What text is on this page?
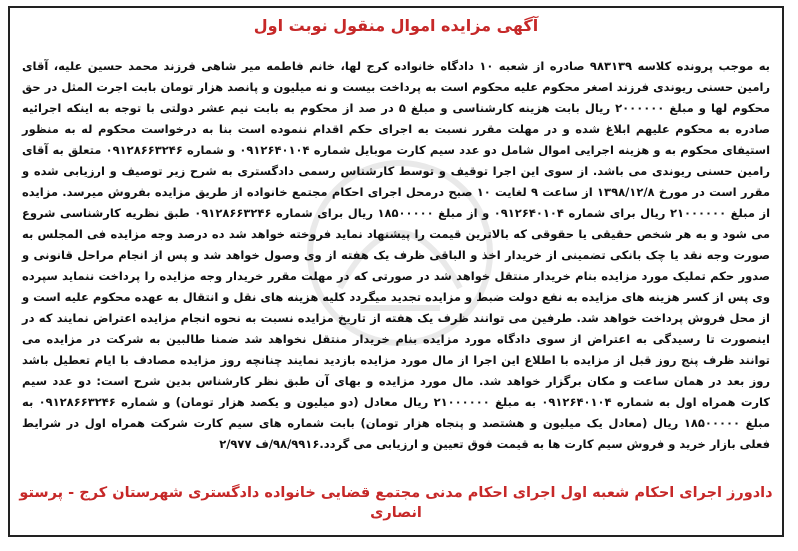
آگهی مزایده اموال منقول نوبت اول
به موجب پرونده کلاسه ۹۸۳۱۳۹ صادره از شعبه ۱۰ دادگاه خانواده کرج لها، خانم فاطمه میر شاهی فرزند محمد حسین علیه، آقای رامین حسنی ریوندی فرزند اصغر محکوم علیه محکوم است به پرداخت بیست و نه میلیون و پانصد هزار تومان بابت اجرت المثل در حق محکوم لها و مبلغ ۲۰۰۰۰۰۰ ریال بابت هزینه کارشناسی و مبلغ ۵ در صد از محکوم به بابت نیم عشر دولتی با توجه به اینکه اجرائیه صادره به محکوم علیهم ابلاغ شده و در مهلت مقرر نسبت به اجرای حکم اقدام ننموده است بنا به درخواست محکوم له به منظور استیفای محکوم به و هزینه اجرایی اموال شامل دو عدد سیم کارت موبایل شماره ۰۹۱۲۶۴۰۱۰۴ و شماره ۰۹۱۲۸۶۶۳۲۴۶ متعلق به آقای رامین حسنی ریوندی می باشد. از سوی این اجرا توقیف و توسط کارشناس رسمی دادگستری به شرح زیر توصیف و ارزیابی شده و مقرر است در مورخ ۱۳۹۸/۱۲/۸ از ساعت ۹ لغایت ۱۰ صبح درمحل اجرای احکام مجتمع خانواده از طریق مزایده بفروش میرسد. مزایده از مبلغ ۲۱۰۰۰۰۰۰ ریال برای شماره ۰۹۱۲۶۴۰۱۰۴ و از مبلغ ۱۸۵۰۰۰۰۰ ریال برای شماره ۰۹۱۲۸۶۶۳۲۴۶ طبق نظریه کارشناسی شروع می شود و به هر شخص حقیقی یا حقوقی که بالاترین قیمت را پیشنهاد نماید فروخته خواهد شد ده درصد وجه مزایده فی المجلس به صورت وجه نقد یا چک بانکی تضمینی از خریدار اخذ و الباقی ظرف یک هفته از وی وصول خواهد شد و پس از انجام مراحل قانونی و صدور حکم تملیک مورد مزایده بنام خریدار منتقل خواهد شد در صورتی که در مهلت مقرر خریدار وجه مزایده را پرداخت ننماید سپرده وی پس از کسر هزینه های مزایده به نفع دولت ضبط و مزایده تجدید میگردد کلیه هزینه های نقل و انتقال به عهده محکوم علیه است و از محل فروش پرداخت خواهد شد. طرفین می توانند ظرف یک هفته از تاریخ مزایده نسبت به نحوه انجام مزایده اعتراض نمایند که در اینصورت تا رسیدگی به اعتراض از سوی دادگاه مورد مزایده بنام خریدار منتقل نخواهد شد ضمنا طالبین به شرکت در مزایده می توانند ظرف پنج روز قبل از مزایده با اطلاع این اجرا از مال مورد مزایده بازدید نمایند چنانچه روز مزایده مصادف با ایام تعطیل باشد روز بعد در همان ساعت و مکان برگزار خواهد شد. مال مورد مزایده و بهای آن طبق نظر کارشناس بدین شرح است: دو عدد سیم کارت همراه اول به شماره ۰۹۱۲۶۴۰۱۰۴ به مبلغ ۲۱۰۰۰۰۰۰ ریال معادل (دو میلیون و یکصد هزار تومان) و شماره ۰۹۱۲۸۶۶۳۲۴۶ به مبلغ ۱۸۵۰۰۰۰۰ ریال (معادل یک میلیون و هشتصد و پنجاه هزار تومان) بابت شماره های سیم کارت شرکت همراه اول در شرایط فعلی بازار خرید و فروش سیم کارت ها به قیمت فوق تعیین و ارزیابی می گردد.۹۸/۹۹۱۶/ف ۲/۹۷۷
دادورز اجرای احکام شعبه اول اجرای احکام مدنی مجتمع قضایی خانواده دادگستری شهرستان کرج - پرستو انصاری
